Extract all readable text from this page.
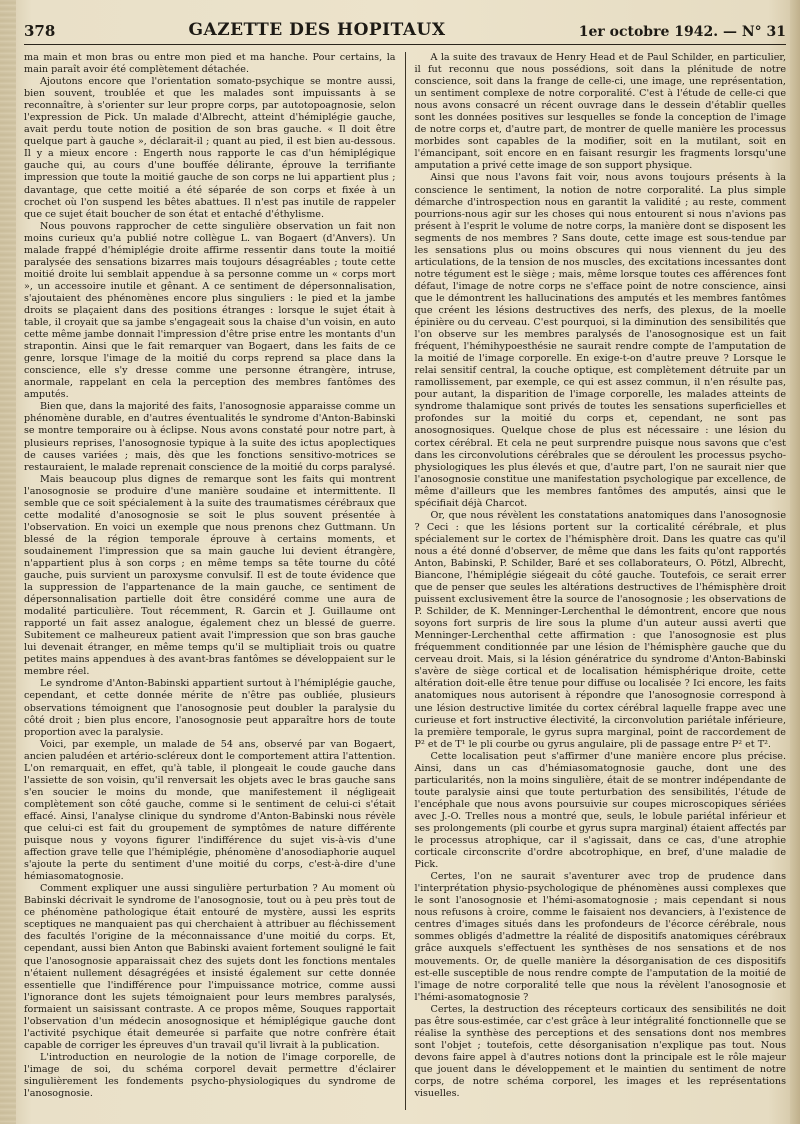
378	GAZETTE DES HOPITAUX	1er octobre 1942. — N° 31

ma main et mon bras ou entre mon pied et ma hanche. Pour certains, la main paraît avoir été complètement détachée.

Ajoutons encore que l'orientation somato-psychique se montre aussi, bien souvent, troublée et que les malades sont impuissants à se reconnaître, à s'orienter sur leur propre corps, par autotopoagnosie, selon l'expression de Pick. Un malade d'Albrecht, atteint d'hémiplégie gauche, avait perdu toute notion de position de son bras gauche. « Il doit être quelque part à gauche », déclarait-il ; quant au pied, il est bien au-dessous. Il y a mieux encore : Engerth nous rapporte le cas d'un hémiplégique gauche qui, au cours d'une bouffée délirante, éprouve la terrifiante impression que toute la moitié gauche de son corps ne lui appartient plus ; davantage, que cette moitié a été séparée de son corps et fixée à un crochet où l'on suspend les bêtes abattues. Il n'est pas inutile de rappeler que ce sujet était boucher de son état et entaché d'éthylisme.

Nous pouvons rapprocher de cette singulière observation un fait non moins curieux qu'a publié notre collègue L. van Bogaert (d'Anvers). Un malade frappé d'hémiplégie droite affirme ressentir dans toute la moitié paralysée des sensations bizarres mais toujours désagréables ; toute cette moitié droite lui semblait appendue à sa personne comme un « corps mort », un accessoire inutile et gênant. A ce sentiment de dépersonnalisation, s'ajoutaient des phénomènes encore plus singuliers : le pied et la jambe droits se plaçaient dans des positions étranges : lorsque le sujet était à table, il croyait que sa jambe s'engageait sous la chaise d'un voisin, en auto cette même jambe donnait l'impression d'être prise entre les montants d'un strapontin. Ainsi que le fait remarquer van Bogaert, dans les faits de ce genre, lorsque l'image de la moitié du corps reprend sa place dans la conscience, elle s'y dresse comme une personne étrangère, intruse, anormale, rappelant en cela la perception des membres fantômes des amputés.

Bien que, dans la majorité des faits, l'anosognosie apparaisse comme un phénomène durable, en d'autres éventualités le syndrome d'Anton-Babinski se montre temporaire ou à éclipse. Nous avons constaté pour notre part, à plusieurs reprises, l'anosognosie typique à la suite des ictus apoplectiques de causes variées ; mais, dès que les fonctions sensitivo-motrices se restauraient, le malade reprenait conscience de la moitié du corps paralysé.

Mais beaucoup plus dignes de remarque sont les faits qui montrent l'anosognosie se produire d'une manière soudaine et intermittente. Il semble que ce soit spécialement à la suite des traumatismes cérébraux que cette modalité d'anosognosie se soit le plus souvent présentée à l'observation. En voici un exemple que nous prenons chez Guttmann. Un blessé de la région temporale éprouve à certains moments, et soudainement l'impression que sa main gauche lui devient étrangère, n'appartient plus à son corps ; en même temps sa tête tourne du côté gauche, puis survient un paroxysme convulsif. Il est de toute évidence que la suppression de l'appartenance de la main gauche, ce sentiment de dépersonnalisation partielle doit être considéré comme une aura de modalité particulière. Tout récemment, R. Garcin et J. Guillaume ont rapporté un fait assez analogue, également chez un blessé de guerre. Subitement ce malheureux patient avait l'impression que son bras gauche lui devenait étranger, en même temps qu'il se multipliait trois ou quatre petites mains appendues à des avant-bras fantômes se développaient sur le membre réel.

Le syndrome d'Anton-Babinski appartient surtout à l'hémiplégie gauche, cependant, et cette donnée mérite de n'être pas oubliée, plusieurs observations témoignent que l'anosognosie peut doubler la paralysie du côté droit ; bien plus encore, l'anosognosie peut apparaître hors de toute proportion avec la paralysie.

Voici, par exemple, un malade de 54 ans, observé par van Bogaert, ancien paludéen et artério-scléreux dont le comportement attira l'attention. L'on remarquait, en effet, qu'à table, il plongeait le coude gauche dans l'assiette de son voisin, qu'il renversait les objets avec le bras gauche sans s'en soucier le moins du monde, que manifestement il négligeait complètement son côté gauche, comme si le sentiment de celui-ci s'était effacé. Ainsi, l'analyse clinique du syndrome d'Anton-Babinski nous révèle que celui-ci est fait du groupement de symptômes de nature différente puisque nous y voyons figurer l'indifférence du sujet vis-à-vis d'une affection grave telle que l'hémiplégie, phénomène d'anosodiaphorie auquel s'ajoute la perte du sentiment d'une moitié du corps, c'est-à-dire d'une hémiasomatognosie.

Comment expliquer une aussi singulière perturbation ? Au moment où Babinski décrivait le syndrome de l'anosognosie, tout ou à peu près tout de ce phénomène pathologique était entouré de mystère, aussi les esprits sceptiques ne manquaient pas qui cherchaient à attribuer au fléchissement des facultés l'origine de la méconnaissance d'une moitié du corps. Et, cependant, aussi bien Anton que Babinski avaient fortement souligné le fait que l'anosognosie apparaissait chez des sujets dont les fonctions mentales n'étaient nullement désagrégées et insisté également sur cette donnée essentielle que l'indifférence pour l'impuissance motrice, comme aussi l'ignorance dont les sujets témoignaient pour leurs membres paralysés, formaient un saisissant contraste. A ce propos même, Souques rapportait l'observation d'un médecin anosognosique et hémiplégique gauche dont l'activité psychique était demeurée si parfaite que notre confrère était capable de corriger les épreuves d'un travail qu'il livrait à la publication.

L'introduction en neurologie de la notion de l'image corporelle, de l'image de soi, du schéma corporel devait permettre d'éclairer singulièrement les fondements psycho-physiologiques du syndrome de l'anosognosie.

A la suite des travaux de Henry Head et de Paul Schilder, en particulier, il fut reconnu que nous possédions, soit dans la plénitude de notre conscience, soit dans la frange de celle-ci, une image, une représentation, un sentiment complexe de notre corporalité. C'est à l'étude de celle-ci que nous avons consacré un récent ouvrage dans le dessein d'établir quelles sont les données positives sur lesquelles se fonde la conception de l'image de notre corps et, d'autre part, de montrer de quelle manière les processus morbides sont capables de la modifier, soit en la mutilant, soit en l'émancipant, soit encore en en faisant resurgir les fragments lorsqu'une amputation a privé cette image de son support physique.

Ainsi que nous l'avons fait voir, nous avons toujours présents à la conscience le sentiment, la notion de notre corporalité. La plus simple démarche d'introspection nous en garantit la validité ; au reste, comment pourrions-nous agir sur les choses qui nous entourent si nous n'avions pas présent à l'esprit le volume de notre corps, la manière dont se disposent les segments de nos membres ? Sans doute, cette image est sous-tendue par les sensations plus ou moins obscures qui nous viennent du jeu des articulations, de la tension de nos muscles, des excitations incessantes dont notre tégument est le siège ; mais, même lorsque toutes ces afférences font défaut, l'image de notre corps ne s'efface point de notre conscience, ainsi que le démontrent les hallucinations des amputés et les membres fantômes que créent les lésions destructives des nerfs, des plexus, de la moelle épinière ou du cerveau. C'est pourquoi, si la diminution des sensibilités que l'on observe sur les membres paralysés de l'anosognosique est un fait fréquent, l'hémihypoesthésie ne saurait rendre compte de l'amputation de la moitié de l'image corporelle. En exige-t-on d'autre preuve ? Lorsque le relai sensitif central, la couche optique, est complètement détruite par un ramollissement, par exemple, ce qui est assez commun, il n'en résulte pas, pour autant, la disparition de l'image corporelle, les malades atteints de syndrome thalamique sont privés de toutes les sensations superficielles et profondes sur la moitié du corps et, cependant, ne sont pas anosognosiques. Quelque chose de plus est nécessaire : une lésion du cortex cérébral. Et cela ne peut surprendre puisque nous savons que c'est dans les circonvolutions cérébrales que se déroulent les processus psycho-physiologiques les plus élevés et que, d'autre part, l'on ne saurait nier que l'anosognosie constitue une manifestation psychologique par excellence, de même d'ailleurs que les membres fantômes des amputés, ainsi que le spécifiait déjà Charcot.

Or, que nous révèlent les constatations anatomiques dans l'anosognosie ? Ceci : que les lésions portent sur la corticalité cérébrale, et plus spécialement sur le cortex de l'hémisphère droit. Dans les quatre cas qu'il nous a été donné d'observer, de même que dans les faits qu'ont rapportés Anton, Babinski, P. Schilder, Baré et ses collaborateurs, O. Pötzl, Albrecht, Biancone, l'hémiplégie siégeait du côté gauche. Toutefois, ce serait errer que de penser que seules les altérations destructives de l'hémisphère droit puissent exclusivement être la source de l'anosognosie ; les observations de P. Schilder, de K. Menninger-Lerchenthal le démontrent, encore que nous soyons fort surpris de lire sous la plume d'un auteur aussi averti que Menninger-Lerchenthal cette affirmation : que l'anosognosie est plus fréquemment conditionnée par une lésion de l'hémisphère gauche que du cerveau droit. Mais, si la lésion génératrice du syndrome d'Anton-Babinski s'avère de siège cortical et de localisation hémisphérique droite, cette altération doit-elle être tenue pour diffuse ou localisée ? Ici encore, les faits anatomiques nous autorisent à répondre que l'anosognosie correspond à une lésion destructive limitée du cortex cérébral laquelle frappe avec une curieuse et fort instructive électivité, la circonvolution pariétale inférieure, la première temporale, le gyrus supra marginal, point de raccordement de P² et de T¹ le pli courbe ou gyrus angulaire, pli de passage entre P² et T².

Cette localisation peut s'affirmer d'une manière encore plus précise. Ainsi, dans un cas d'hémiasomatognosie gauche, dont une des particularités, non la moins singulière, était de se montrer indépendante de toute paralysie ainsi que toute perturbation des sensibilités, l'étude de l'encéphale que nous avons poursuivie sur coupes microscopiques sériées avec J.-O. Trelles nous a montré que, seuls, le lobule pariétal inférieur et ses prolongements (pli courbe et gyrus supra marginal) étaient affectés par le processus atrophique, car il s'agissait, dans ce cas, d'une atrophie corticale circonscrite d'ordre abcotrophique, en bref, d'une maladie de Pick.

Certes, l'on ne saurait s'aventurer avec trop de prudence dans l'interprétation physio-psychologique de phénomènes aussi complexes que le sont l'anosognosie et l'hémi-asomatognosie ; mais cependant si nous nous refusons à croire, comme le faisaient nos devanciers, à l'existence de centres d'images situés dans les profondeurs de l'écorce cérébrale, nous sommes obligés d'admettre la réalité de dispositifs anatomiques cérébraux grâce auxquels s'effectuent les synthèses de nos sensations et de nos mouvements. Or, de quelle manière la désorganisation de ces dispositifs est-elle susceptible de nous rendre compte de l'amputation de la moitié de l'image de notre corporalité telle que nous la révèlent l'anosognosie et l'hémi-asomatognosie ?

Certes, la destruction des récepteurs corticaux des sensibilités ne doit pas être sous-estimée, car c'est grâce à leur intégralité fonctionnelle que se réalise la synthèse des perceptions et des sensations dont nos membres sont l'objet ; toutefois, cette désorganisation n'explique pas tout. Nous devons faire appel à d'autres notions dont la principale est le rôle majeur que jouent dans le développement et le maintien du sentiment de notre corps, de notre schéma corporel, les images et les représentations visuelles.
